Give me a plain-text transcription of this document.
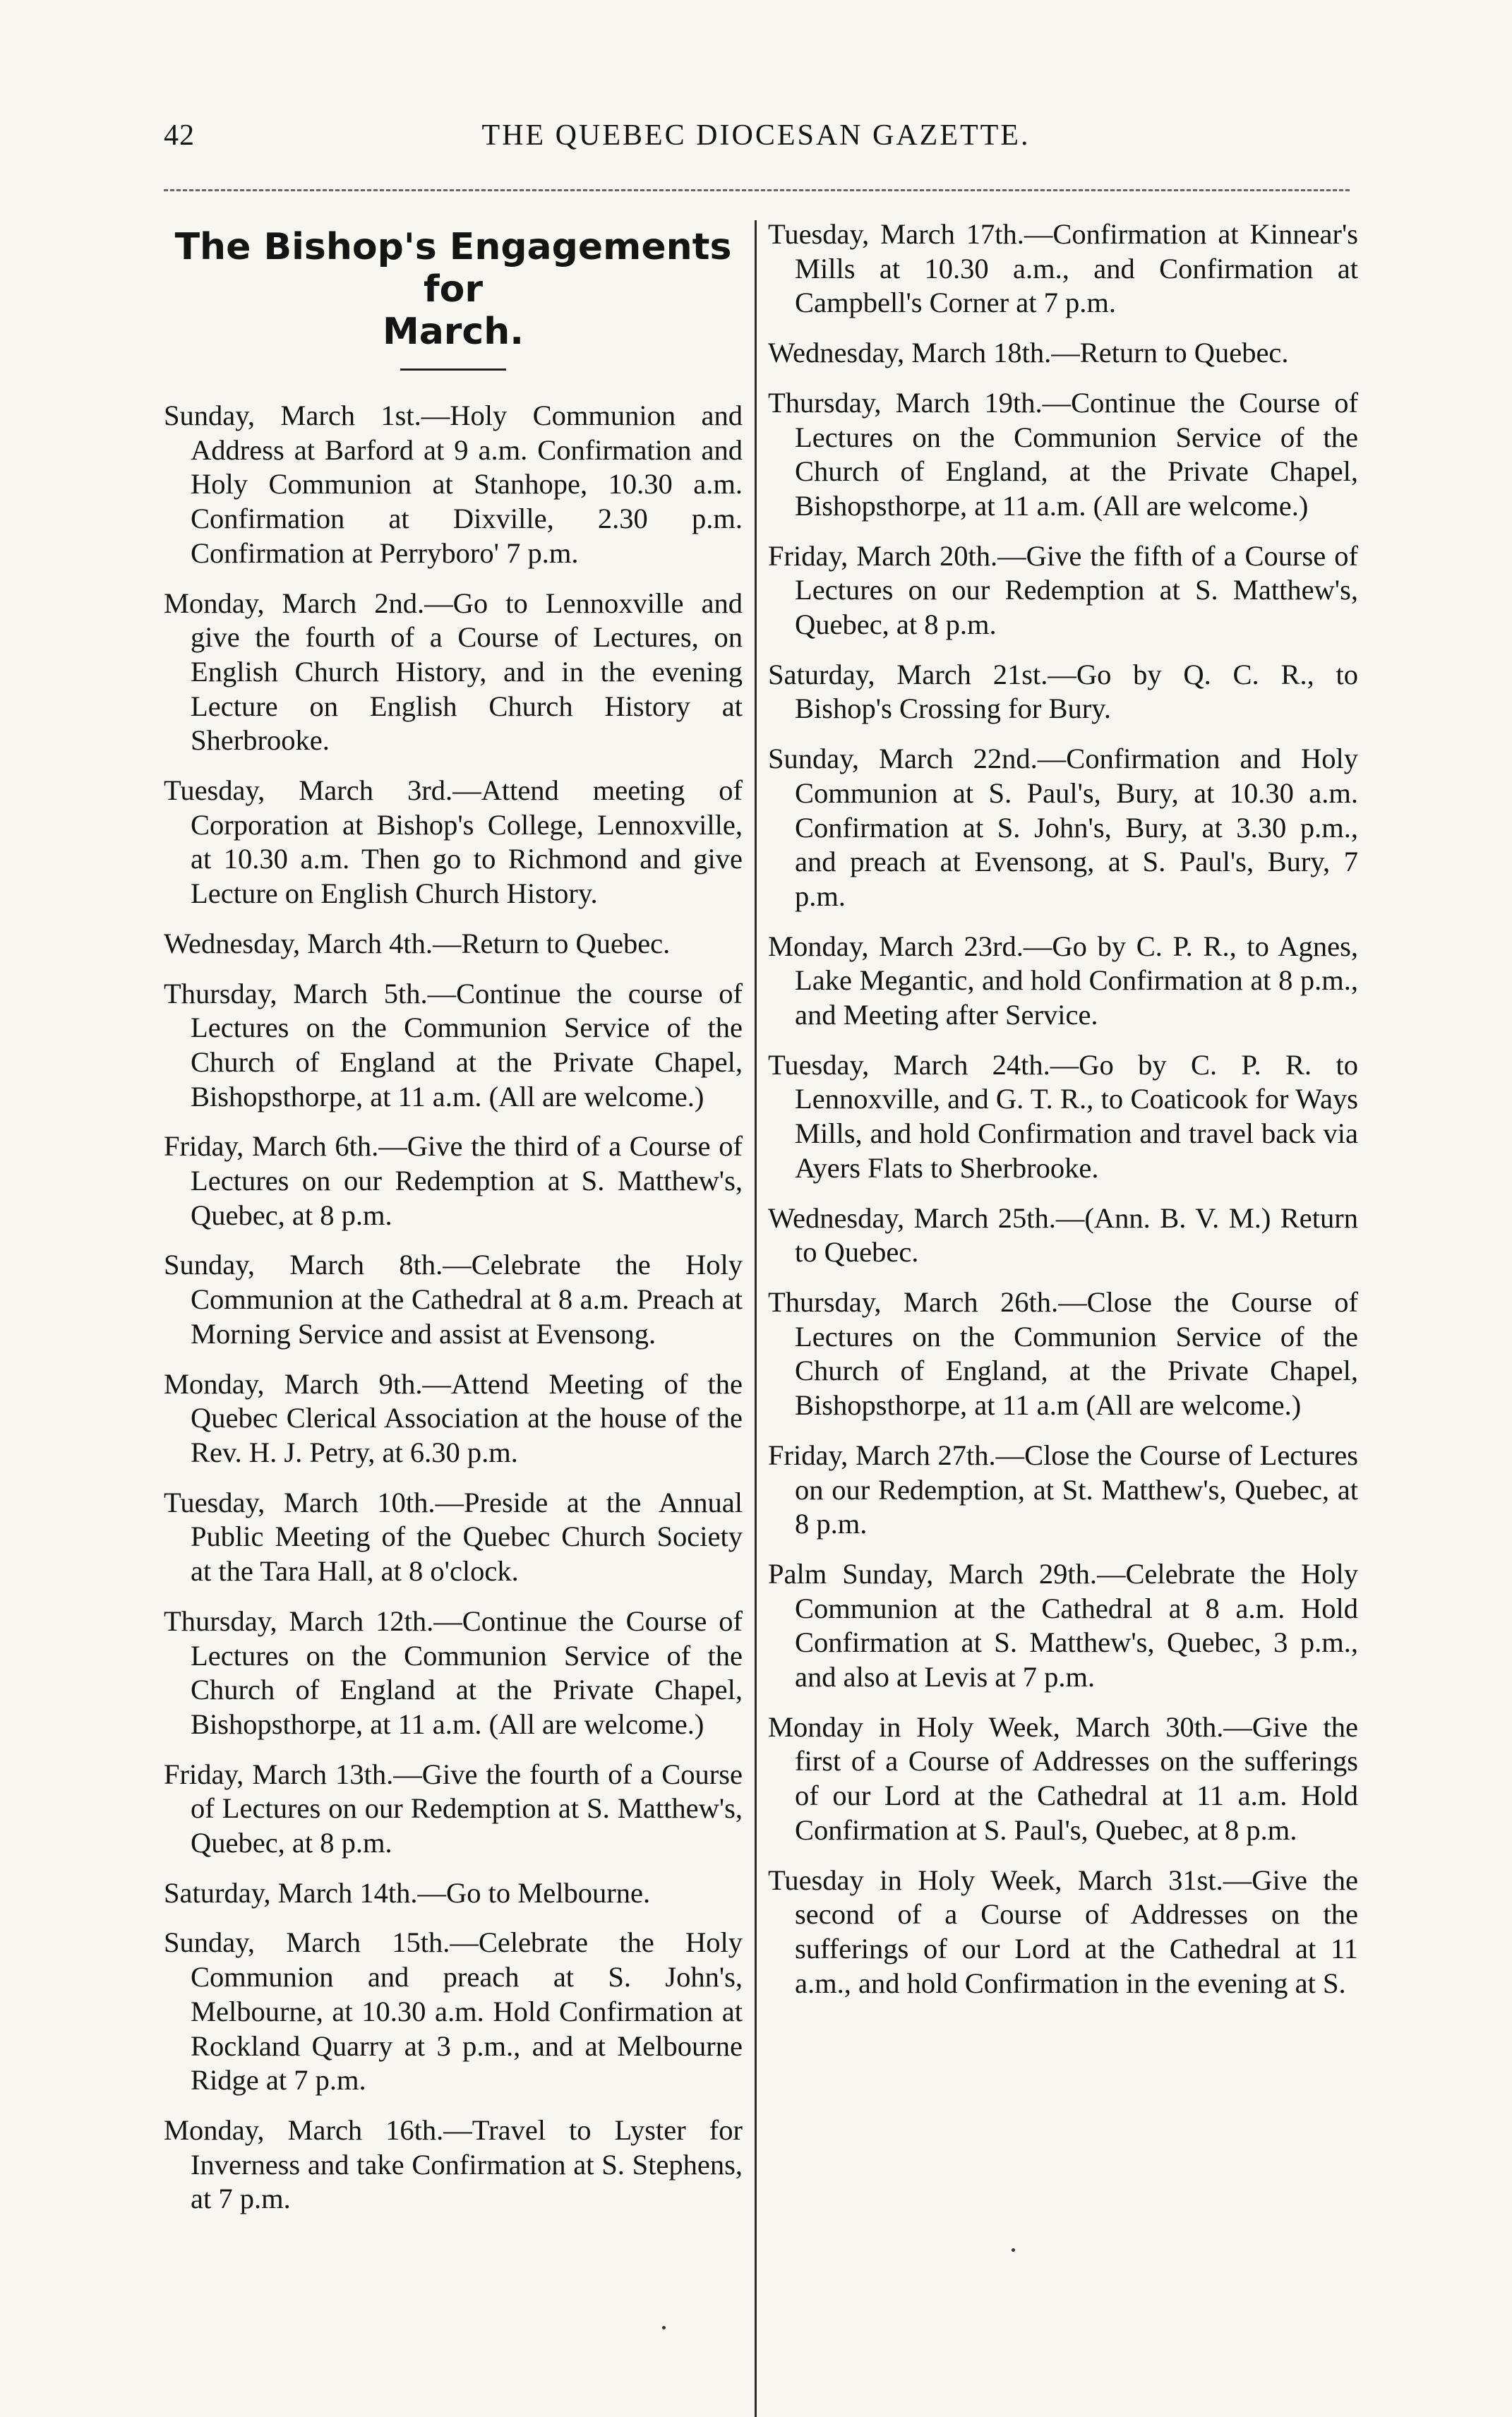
42	THE QUEBEC DIOCESAN GAZETTE.
The Bishop's Engagements for
March.

Sunday, March 1st.—Holy Communion and Address at Barford at 9 a.m. Confirmation and Holy Communion at Stanhope, 10.30 a.m. Confirmation at Dixville, 2.30 p.m. Confirmation at Perryboro' 7 p.m.

Monday, March 2nd.—Go to Lennoxville and give the fourth of a Course of Lectures, on English Church History, and in the evening Lecture on English Church History at Sherbrooke.

Tuesday, March 3rd.—Attend meeting of Corporation at Bishop's College, Lennoxville, at 10.30 a.m. Then go to Richmond and give Lecture on English Church History.

Wednesday, March 4th.—Return to Quebec.

Thursday, March 5th.—Continue the course of Lectures on the Communion Service of the Church of England at the Private Chapel, Bishopsthorpe, at 11 a.m. (All are welcome.)

Friday, March 6th.—Give the third of a Course of Lectures on our Redemption at S. Matthew's, Quebec, at 8 p.m.

Sunday, March 8th.—Celebrate the Holy Communion at the Cathedral at 8 a.m. Preach at Morning Service and assist at Evensong.

Monday, March 9th.—Attend Meeting of the Quebec Clerical Association at the house of the Rev. H. J. Petry, at 6.30 p.m.

Tuesday, March 10th.—Preside at the Annual Public Meeting of the Quebec Church Society at the Tara Hall, at 8 o'clock.

Thursday, March 12th.—Continue the Course of Lectures on the Communion Service of the Church of England at the Private Chapel, Bishopsthorpe, at 11 a.m. (All are welcome.)

Friday, March 13th.—Give the fourth of a Course of Lectures on our Redemption at S. Matthew's, Quebec, at 8 p.m.

Saturday, March 14th.—Go to Melbourne.

Sunday, March 15th.—Celebrate the Holy Communion and preach at S. John's, Melbourne, at 10.30 a.m. Hold Confirmation at Rockland Quarry at 3 p.m., and at Melbourne Ridge at 7 p.m.

Monday, March 16th.—Travel to Lyster for Inverness and take Confirmation at S. Stephens, at 7 p.m.

Tuesday, March 17th.—Confirmation at Kinnear's Mills at 10.30 a.m., and Confirmation at Campbell's Corner at 7 p.m.

Wednesday, March 18th.—Return to Quebec.

Thursday, March 19th.—Continue the Course of Lectures on the Communion Service of the Church of England, at the Private Chapel, Bishopsthorpe, at 11 a.m. (All are welcome.)

Friday, March 20th.—Give the fifth of a Course of Lectures on our Redemption at S. Matthew's, Quebec, at 8 p.m.

Saturday, March 21st.—Go by Q. C. R., to Bishop's Crossing for Bury.

Sunday, March 22nd.—Confirmation and Holy Communion at S. Paul's, Bury, at 10.30 a.m. Confirmation at S. John's, Bury, at 3.30 p.m., and preach at Evensong, at S. Paul's, Bury, 7 p.m.

Monday, March 23rd.—Go by C. P. R., to Agnes, Lake Megantic, and hold Confirmation at 8 p.m., and Meeting after Service.

Tuesday, March 24th.—Go by C. P. R. to Lennoxville, and G. T. R., to Coaticook for Ways Mills, and hold Confirmation and travel back via Ayers Flats to Sherbrooke.

Wednesday, March 25th.—(Ann. B. V. M.) Return to Quebec.

Thursday, March 26th.—Close the Course of Lectures on the Communion Service of the Church of England, at the Private Chapel, Bishopsthorpe, at 11 a.m (All are welcome.)

Friday, March 27th.—Close the Course of Lectures on our Redemption, at St. Matthew's, Quebec, at 8 p.m.

Palm Sunday, March 29th.—Celebrate the Holy Communion at the Cathedral at 8 a.m. Hold Confirmation at S. Matthew's, Quebec, 3 p.m., and also at Levis at 7 p.m.

Monday in Holy Week, March 30th.—Give the first of a Course of Addresses on the sufferings of our Lord at the Cathedral at 11 a.m. Hold Confirmation at S. Paul's, Quebec, at 8 p.m.

Tuesday in Holy Week, March 31st.—Give the second of a Course of Addresses on the sufferings of our Lord at the Cathedral at 11 a.m., and hold Confirmation in the evening at S.
